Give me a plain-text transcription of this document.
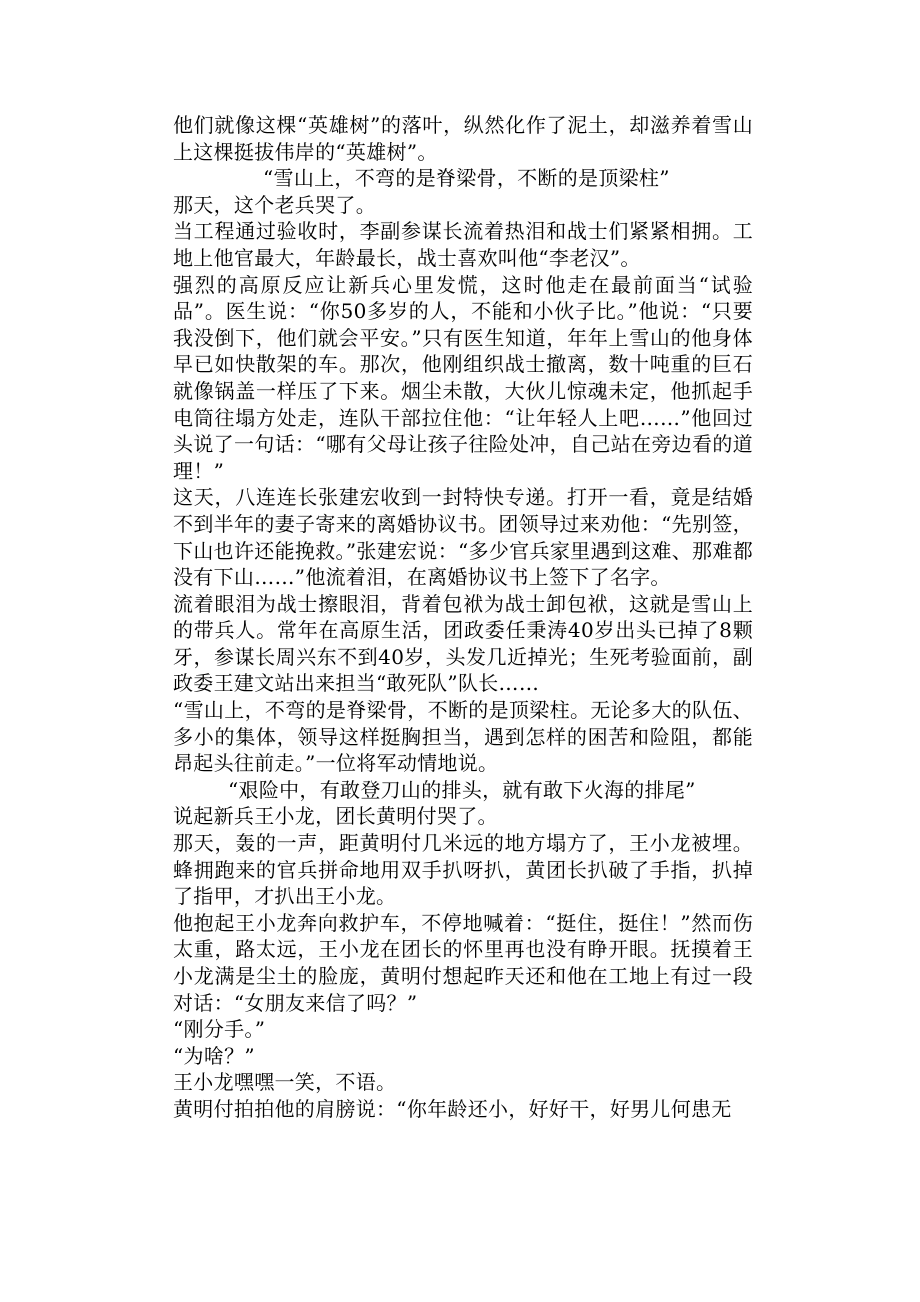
他们就像这棵“英雄树”的落叶，纵然化作了泥土，却滋养着雪山上这棵挺拔伟岸的“英雄树”。

“雪山上，不弯的是脊梁骨，不断的是顶梁柱”

那天，这个老兵哭了。

当工程通过验收时，李副参谋长流着热泪和战士们紧紧相拥。工地上他官最大，年龄最长，战士喜欢叫他“李老汉”。

强烈的高原反应让新兵心里发慌，这时他走在最前面当“试验品”。医生说：“你50多岁的人，不能和小伙子比。”他说：“只要我没倒下，他们就会平安。”只有医生知道，年年上雪山的他身体早已如快散架的车。那次，他刚组织战士撤离，数十吨重的巨石就像锅盖一样压了下来。烟尘未散，大伙儿惊魂未定，他抓起手电筒往塌方处走，连队干部拉住他：“让年轻人上吧……”他回过头说了一句话：“哪有父母让孩子往险处冲，自己站在旁边看的道理！”

这天，八连连长张建宏收到一封特快专递。打开一看，竟是结婚不到半年的妻子寄来的离婚协议书。团领导过来劝他：“先别签，下山也许还能挽救。”张建宏说：“多少官兵家里遇到这难、那难都没有下山……”他流着泪，在离婚协议书上签下了名字。

流着眼泪为战士擦眼泪，背着包袱为战士卸包袱，这就是雪山上的带兵人。常年在高原生活，团政委任秉涛40岁出头已掉了8颗牙，参谋长周兴东不到40岁，头发几近掉光；生死考验面前，副政委王建文站出来担当“敢死队”队长……

“雪山上，不弯的是脊梁骨，不断的是顶梁柱。无论多大的队伍、多小的集体，领导这样挺胸担当，遇到怎样的困苦和险阻，都能昂起头往前走。”一位将军动情地说。

“艰险中，有敢登刀山的排头，就有敢下火海的排尾”

说起新兵王小龙，团长黄明付哭了。

那天，轰的一声，距黄明付几米远的地方塌方了，王小龙被埋。蜂拥跑来的官兵拼命地用双手扒呀扒，黄团长扒破了手指，扒掉了指甲，才扒出王小龙。

他抱起王小龙奔向救护车，不停地喊着：“挺住，挺住！”然而伤太重，路太远，王小龙在团长的怀里再也没有睁开眼。抚摸着王小龙满是尘土的脸庞，黄明付想起昨天还和他在工地上有过一段对话：“女朋友来信了吗？”

“刚分手。”

“为啥？”

王小龙嘿嘿一笑，不语。

黄明付拍拍他的肩膀说：“你年龄还小，好好干，好男儿何患无
